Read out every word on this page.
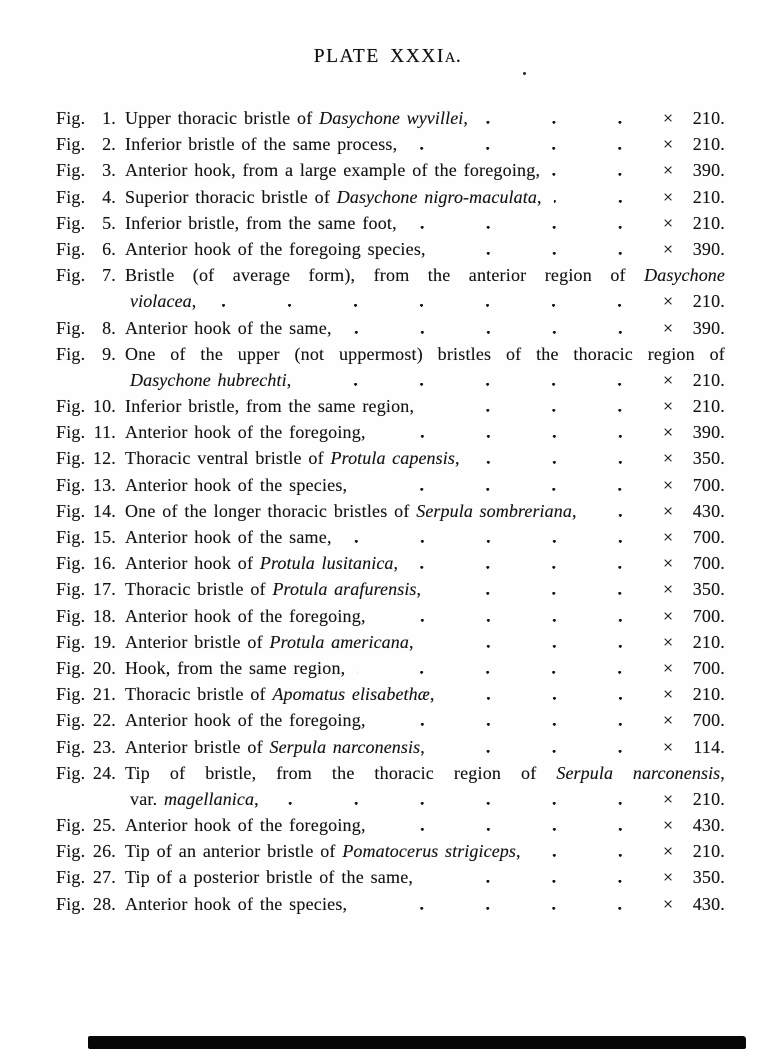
PLATE XXXIA.
Fig. 1. Upper thoracic bristle of Dasychone wyvillei,	× 210.
Fig. 2. Inferior bristle of the same process,	× 210.
Fig. 3. Anterior hook, from a large example of the foregoing,	× 390.
Fig. 4. Superior thoracic bristle of Dasychone nigro-maculata,	× 210.
Fig. 5. Inferior bristle, from the same foot,	× 210.
Fig. 6. Anterior hook of the foregoing species,	× 390.
Fig. 7. Bristle (of average form), from the anterior region of Dasychone
violacea,	× 210.
Fig. 8. Anterior hook of the same,	× 390.
Fig. 9. One of the upper (not uppermost) bristles of the thoracic region of
Dasychone hubrechti,	× 210.
Fig. 10. Inferior bristle, from the same region,	× 210.
Fig. 11. Anterior hook of the foregoing,	× 390.
Fig. 12. Thoracic ventral bristle of Protula capensis,	× 350.
Fig. 13. Anterior hook of the species,	× 700.
Fig. 14. One of the longer thoracic bristles of Serpula sombreriana,	× 430.
Fig. 15. Anterior hook of the same,	× 700.
Fig. 16. Anterior hook of Protula lusitanica,	× 700.
Fig. 17. Thoracic bristle of Protula arafurensis,	× 350.
Fig. 18. Anterior hook of the foregoing,	× 700.
Fig. 19. Anterior bristle of Protula americana,	× 210.
Fig. 20. Hook, from the same region,	× 700.
Fig. 21. Thoracic bristle of Apomatus elisabethæ,	× 210.
Fig. 22. Anterior hook of the foregoing,	× 700.
Fig. 23. Anterior bristle of Serpula narconensis,	× 114.
Fig. 24. Tip of bristle, from the thoracic region of Serpula narconensis,
var. magellanica,	× 210.
Fig. 25. Anterior hook of the foregoing,	× 430.
Fig. 26. Tip of an anterior bristle of Pomatocerus strigiceps,	× 210.
Fig. 27. Tip of a posterior bristle of the same,	× 350.
Fig. 28. Anterior hook of the species,	× 430.
